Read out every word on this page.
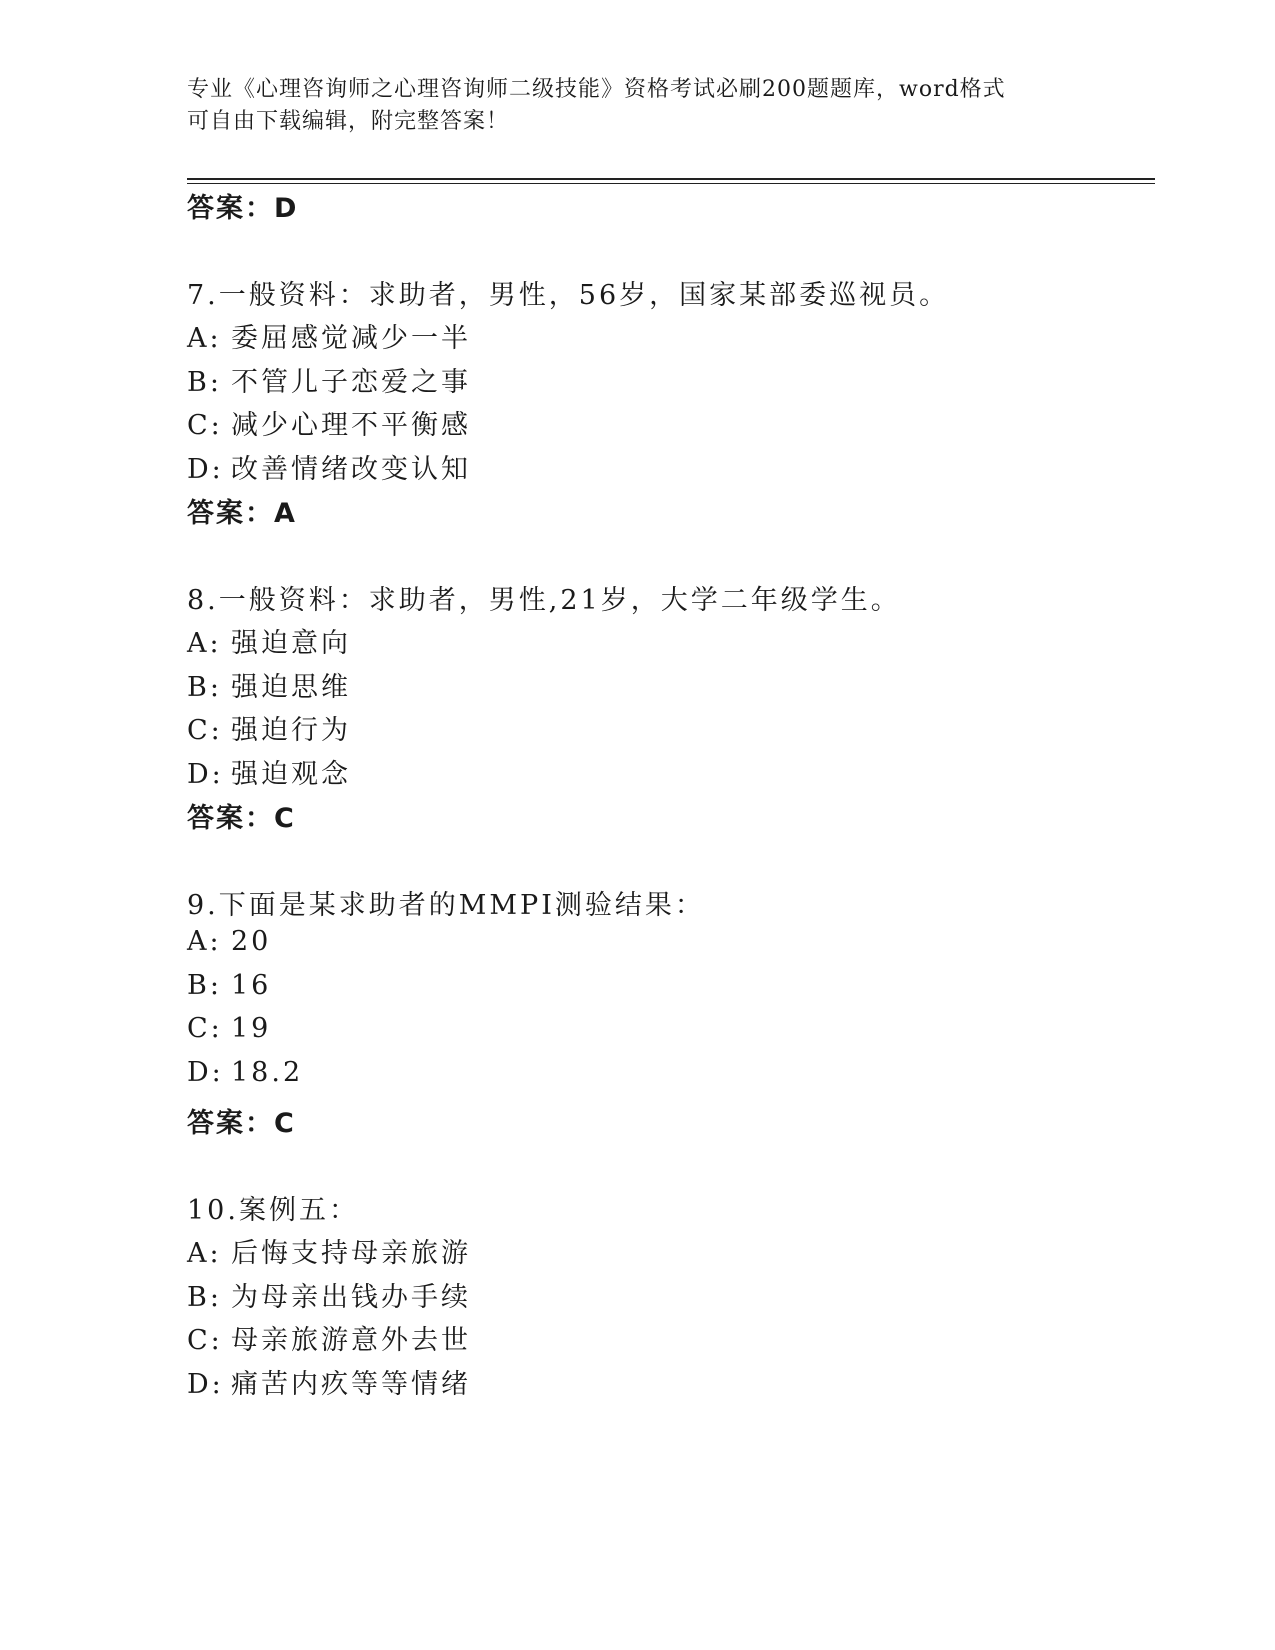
专业《心理咨询师之心理咨询师二级技能》资格考试必刷200题题库，word格式
可自由下载编辑，附完整答案！
答案：D
7.一般资料：求助者，男性，56岁，国家某部委巡视员。
A: 委屈感觉减少一半
B: 不管儿子恋爱之事
C: 减少心理不平衡感
D: 改善情绪改变认知
答案：A
8.一般资料：求助者，男性,21岁，大学二年级学生。
A: 强迫意向
B: 强迫思维
C: 强迫行为
D: 强迫观念
答案：C
9.下面是某求助者的MMPI测验结果：
A: 20
B: 16
C: 19
D: 18.2
答案：C
10.案例五：
A: 后悔支持母亲旅游
B: 为母亲出钱办手续
C: 母亲旅游意外去世
D: 痛苦内疚等等情绪
